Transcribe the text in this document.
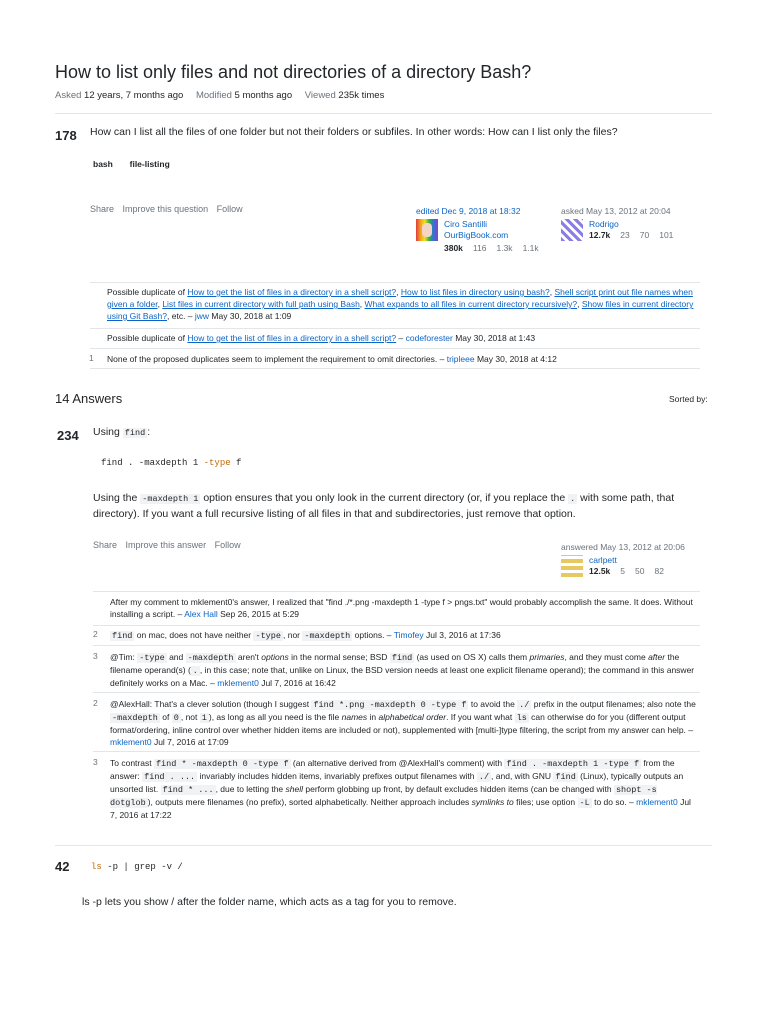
How to list only files and not directories of a directory Bash?
Asked 12 years, 7 months ago Modified 5 months ago Viewed 235k times
178 How can I list all the files of one folder but not their folders or subfiles. In other words: How can I list only the files?
bash file-listing
Share Improve this question Follow	edited Dec 9, 2018 at 18:32
Ciro Santilli
OurBigBook.com
380k 116 1.3k 1.1k
asked May 13, 2012 at 20:04
Rodrigo
12.7k 23 70 101
Possible duplicate of How to get the list of files in a directory in a shell script?, How to list files in directory using bash?, Shell script print out file names when given a folder, List files in current directory with full path using Bash, What expands to all files in current directory recursively?, Show files in current directory using Git Bash?, etc. – jww May 30, 2018 at 1:09
Possible duplicate of How to get the list of files in a directory in a shell script? – codeforester May 30, 2018 at 1:43
1 None of the proposed duplicates seem to implement the requirement to omit directories. – tripleee May 30, 2018 at 4:12
14 Answers	Sorted by:
234 Using find :
find . -maxdepth 1 -type f
Using the -maxdepth 1 option ensures that you only look in the current directory (or, if you replace the . with some path, that directory). If you want a full recursive listing of all files in that and subdirectories, just remove that option.
Share Improve this answer Follow	answered May 13, 2012 at 20:06
carlpett
12.5k 5 50 82
After my comment to mklement0's answer, I realized that "find ./*.png -maxdepth 1 -type f > pngs.txt" would probably accomplish the same. It does. Without installing a script. – Alex Hall Sep 26, 2015 at 5:29
2 find on mac, does not have neither -type , nor -maxdepth options. – Timofey Jul 3, 2016 at 17:36
3 @Tim: -type and -maxdepth aren't options in the normal sense; BSD find (as used on OS X) calls them primaries, and they must come after the filename operand(s) ( . , in this case; note that, unlike on Linux, the BSD version needs at least one explicit filename operand); the command in this answer definitely works on a Mac. – mklement0 Jul 7, 2016 at 16:42
2 @AlexHall: That's a clever solution (though I suggest find *.png -maxdepth 0 -type f to avoid the ./ prefix in the output filenames; also note the -maxdepth of 0 , not 1 ), as long as all you need is the file names in alphabetical order. If you want what ls can otherwise do for you (different output format/ordering, inline control over whether hidden items are included or not), supplemented with [multi-]type filtering, the script from my answer can help. – mklement0 Jul 7, 2016 at 17:09
3 To contrast find * -maxdepth 0 -type f (an alternative derived from @AlexHall's comment) with find . -maxdepth 1 -type f from the answer: find . ... invariably includes hidden items, invariably prefixes output filenames with ./ , and, with GNU find (Linux), typically outputs an unsorted list. find * ... , due to letting the shell perform globbing up front, by default excludes hidden items (can be changed with shopt -s dotglob ), outputs mere filenames (no prefix), sorted alphabetically. Neither approach includes symlinks to files; use option -L to do so. – mklement0 Jul 7, 2016 at 17:22
42 ls -p | grep -v /
ls -p lets you show / after the folder name, which acts as a tag for you to remove.
